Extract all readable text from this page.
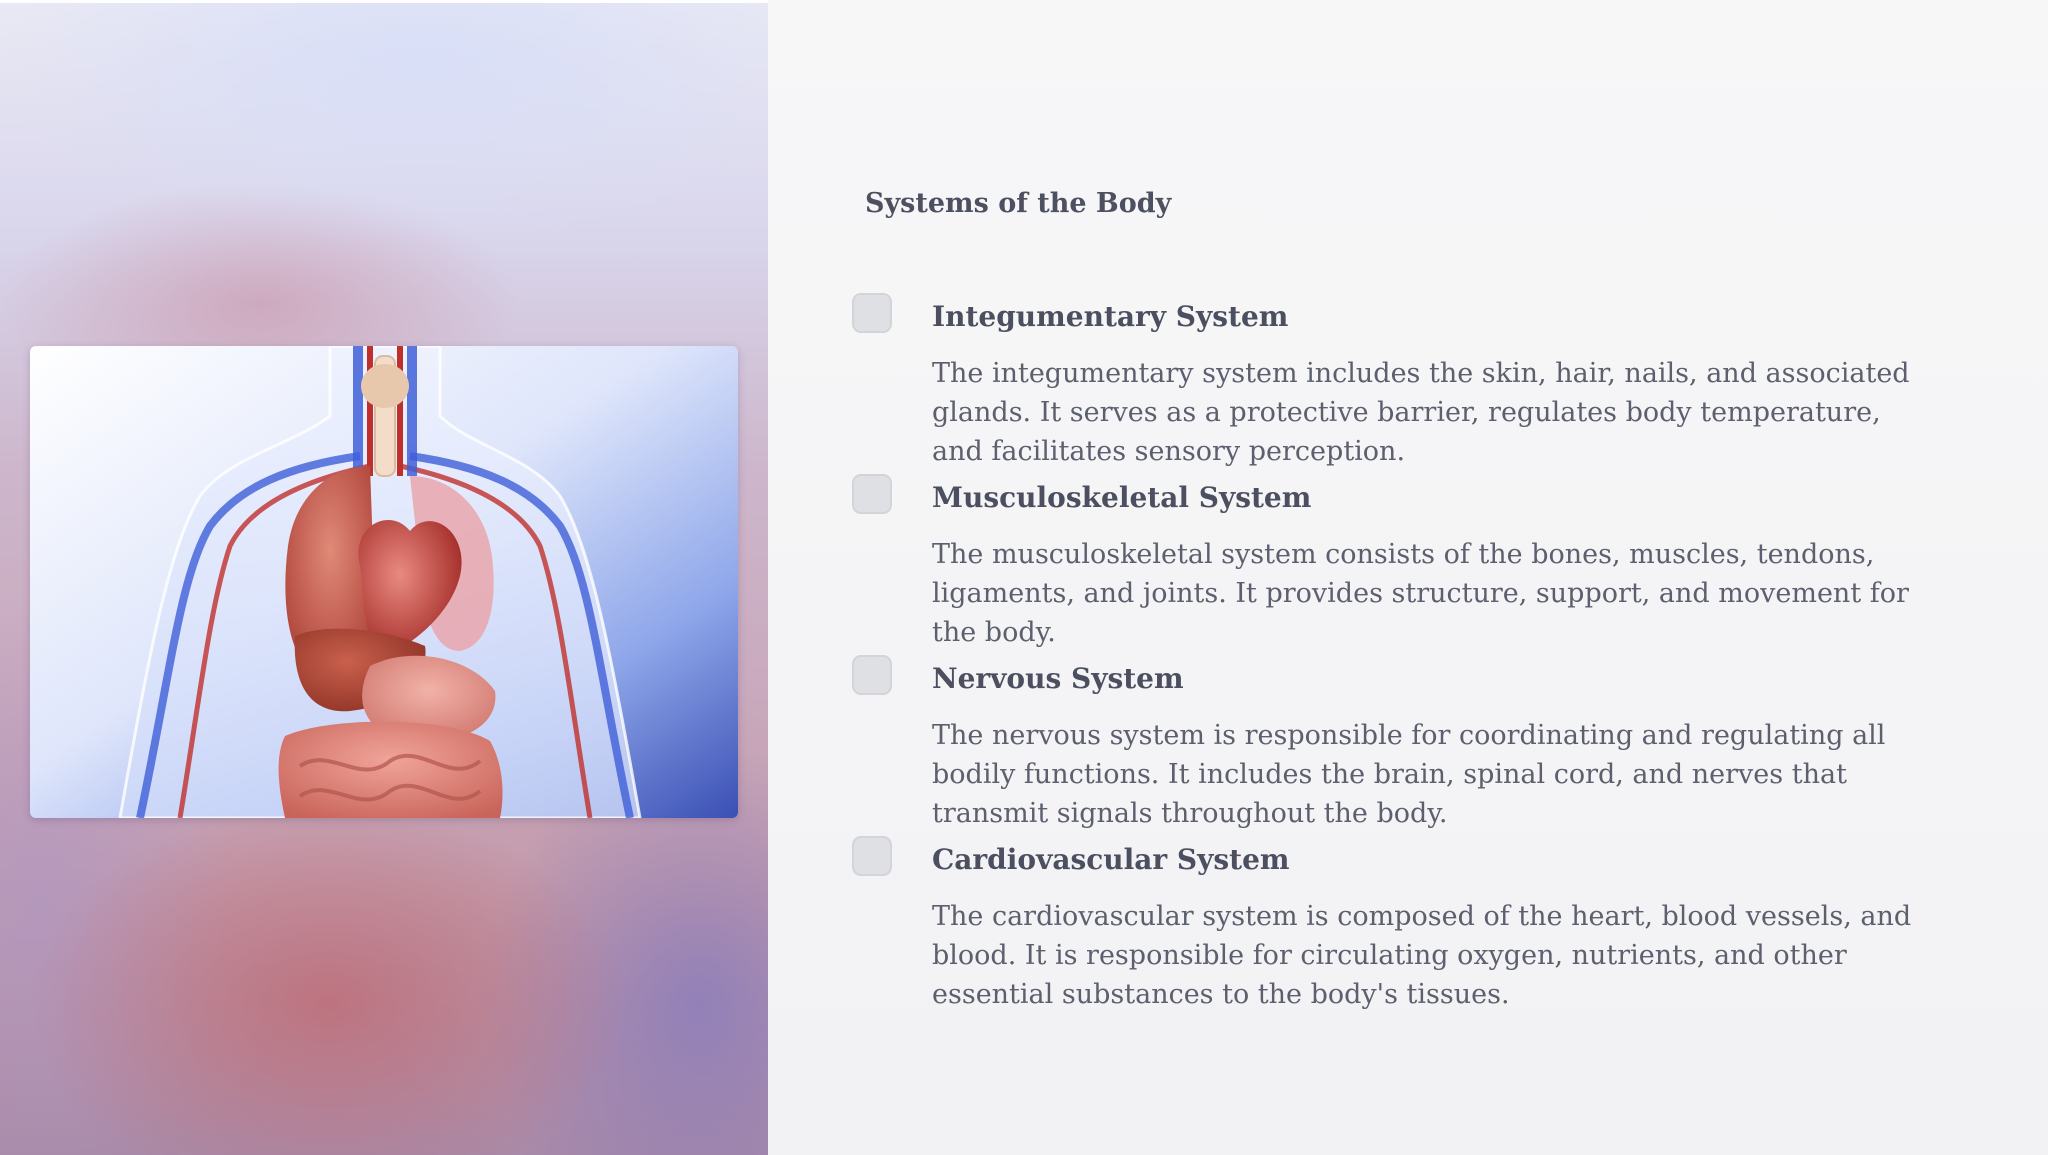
Systems of the Body
Integumentary System

The integumentary system includes the skin, hair, nails, and associated glands. It serves as a protective barrier, regulates body temperature, and facilitates sensory perception.

Musculoskeletal System

The musculoskeletal system consists of the bones, muscles, tendons, ligaments, and joints. It provides structure, support, and movement for the body.

Nervous System

The nervous system is responsible for coordinating and regulating all bodily functions. It includes the brain, spinal cord, and nerves that transmit signals throughout the body.

Cardiovascular System

The cardiovascular system is composed of the heart, blood vessels, and blood. It is responsible for circulating oxygen, nutrients, and other essential substances to the body's tissues.
